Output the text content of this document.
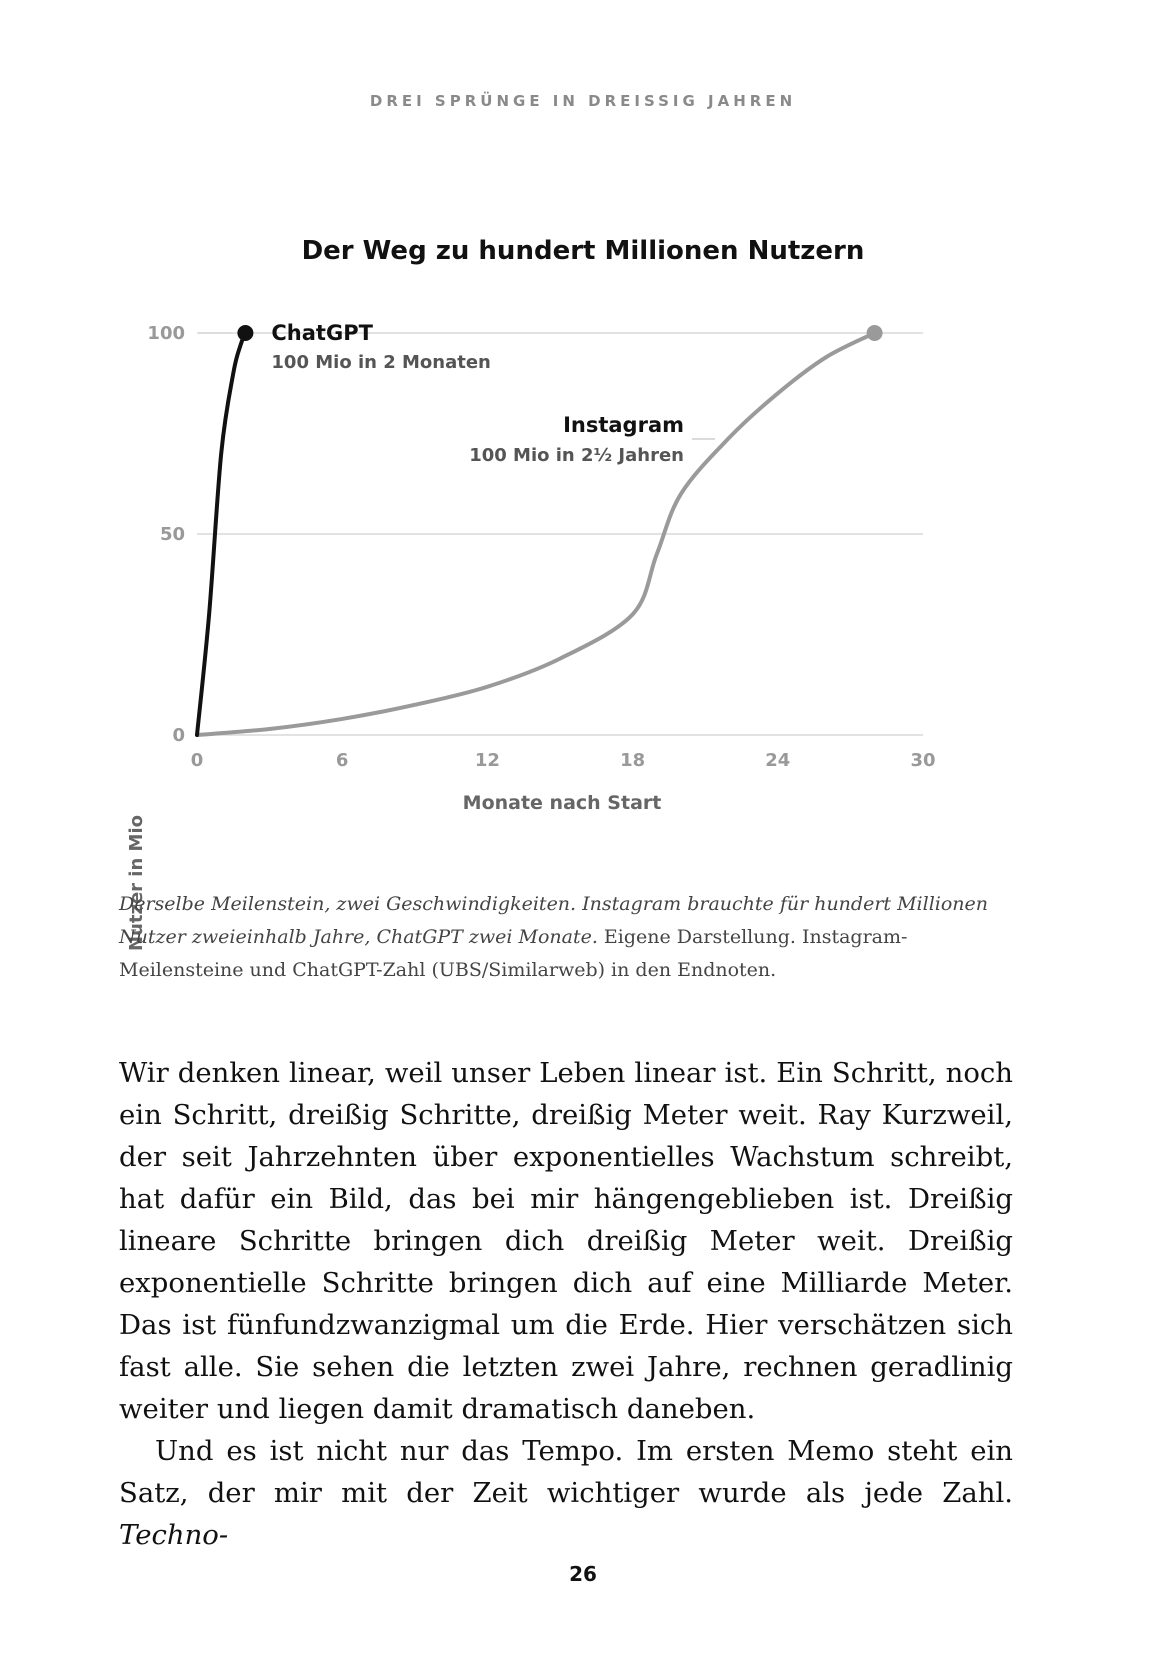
DREI SPRÜNGE IN DREISSIG JAHREN
Der Weg zu hundert Millionen Nutzern
0
50
100
0	6	12	18	24	30
Nutzer in Mio
Monate nach Start
ChatGPT
100 Mio in 2 Monaten
Instagram
100 Mio in 2½ Jahren
Derselbe Meilenstein, zwei Geschwindigkeiten. Instagram brauchte für hundert Millionen Nutzer zweieinhalb Jahre, ChatGPT zwei Monate. Eigene Darstellung. Instagram-Meilensteine und ChatGPT-Zahl (UBS/Similarweb) in den Endnoten.

Wir denken linear, weil unser Leben linear ist. Ein Schritt, noch ein Schritt, dreißig Schritte, dreißig Meter weit. Ray Kurzweil, der seit Jahrzehnten über exponentielles Wachstum schreibt, hat dafür ein Bild, das bei mir hängengeblieben ist. Dreißig lineare Schritte bringen dich dreißig Meter weit. Dreißig exponentielle Schritte bringen dich auf eine Milliarde Meter. Das ist fünfundzwanzigmal um die Erde. Hier verschätzen sich fast alle. Sie sehen die letzten zwei Jahre, rechnen geradlinig weiter und liegen damit dramatisch daneben.

Und es ist nicht nur das Tempo. Im ersten Memo steht ein Satz, der mir mit der Zeit wichtiger wurde als jede Zahl. Techno-

26
